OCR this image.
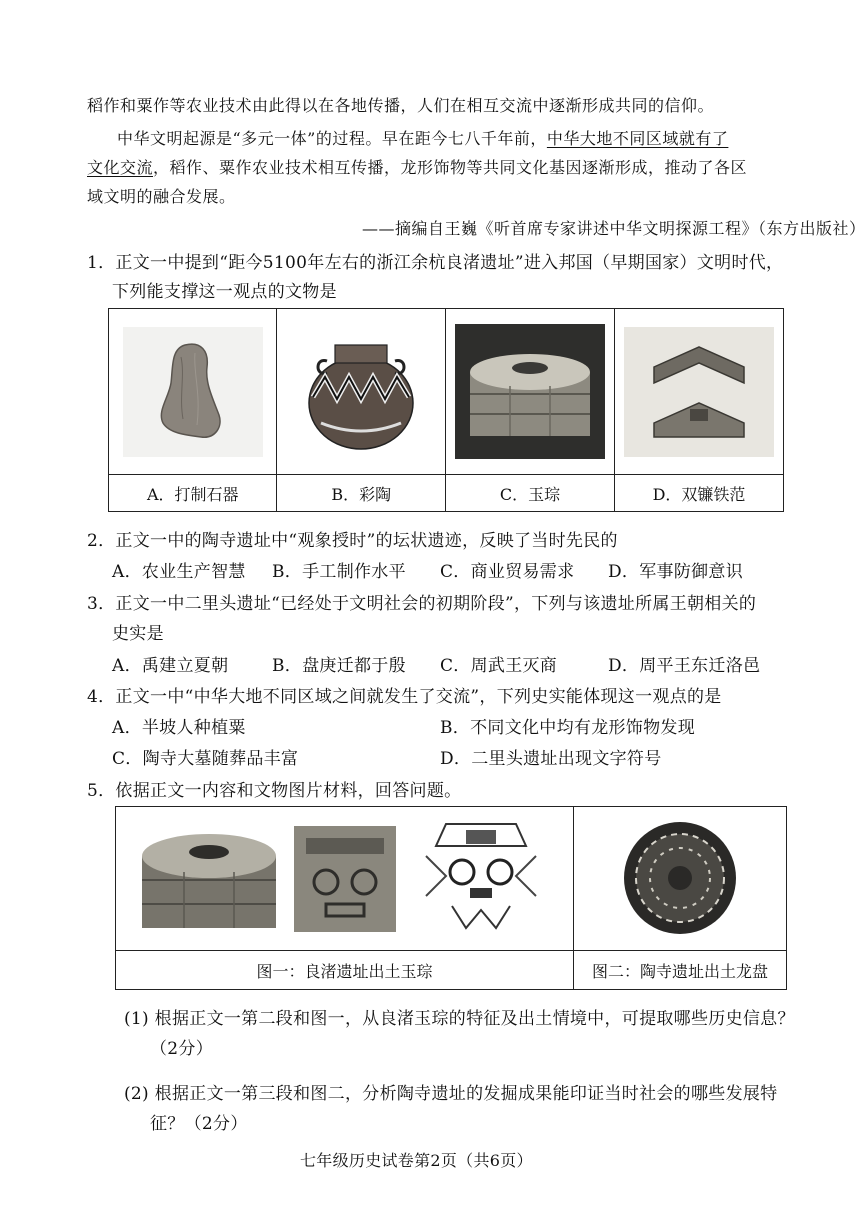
稻作和粟作等农业技术由此得以在各地传播，人们在相互交流中逐渐形成共同的信仰。
中华文明起源是“多元一体”的过程。早在距今七八千年前，中华大地不同区域就有了
文化交流，稻作、粟作农业技术相互传播，龙形饰物等共同文化基因逐渐形成，推动了各区
域文明的融合发展。
——摘编自王巍《听首席专家讲述中华文明探源工程》（东方出版社）
1．正文一中提到“距今5100年左右的浙江余杭良渚遗址”进入邦国（早期国家）文明时代，
下列能支撑这一观点的文物是

A．打制石器	B．彩陶	C．玉琮	D．双镰铁范
2．正文一中的陶寺遗址中“观象授时”的坛状遗迹，反映了当时先民的
A．农业生产智慧 B．手工制作水平 C．商业贸易需求 D．军事防御意识
3．正文一中二里头遗址“已经处于文明社会的初期阶段”，下列与该遗址所属王朝相关的
史实是
A．禹建立夏朝	B．盘庚迁都于殷 C．周武王灭商	D．周平王东迁洛邑
4．正文一中“中华大地不同区域之间就发生了交流”，下列史实能体现这一观点的是
A．半坡人种植粟	B．不同文化中均有龙形饰物发现
C．陶寺大墓随葬品丰富	D．二里头遗址出现文字符号
5．依据正文一内容和文物图片材料，回答问题。

图一：良渚遗址出土玉琮	图二：陶寺遗址出土龙盘
(1) 根据正文一第二段和图一，从良渚玉琮的特征及出土情境中，可提取哪些历史信息？
（2分）
(2) 根据正文一第三段和图二，分析陶寺遗址的发掘成果能印证当时社会的哪些发展特
征？（2分）
七年级历史试卷第2页（共6页）
